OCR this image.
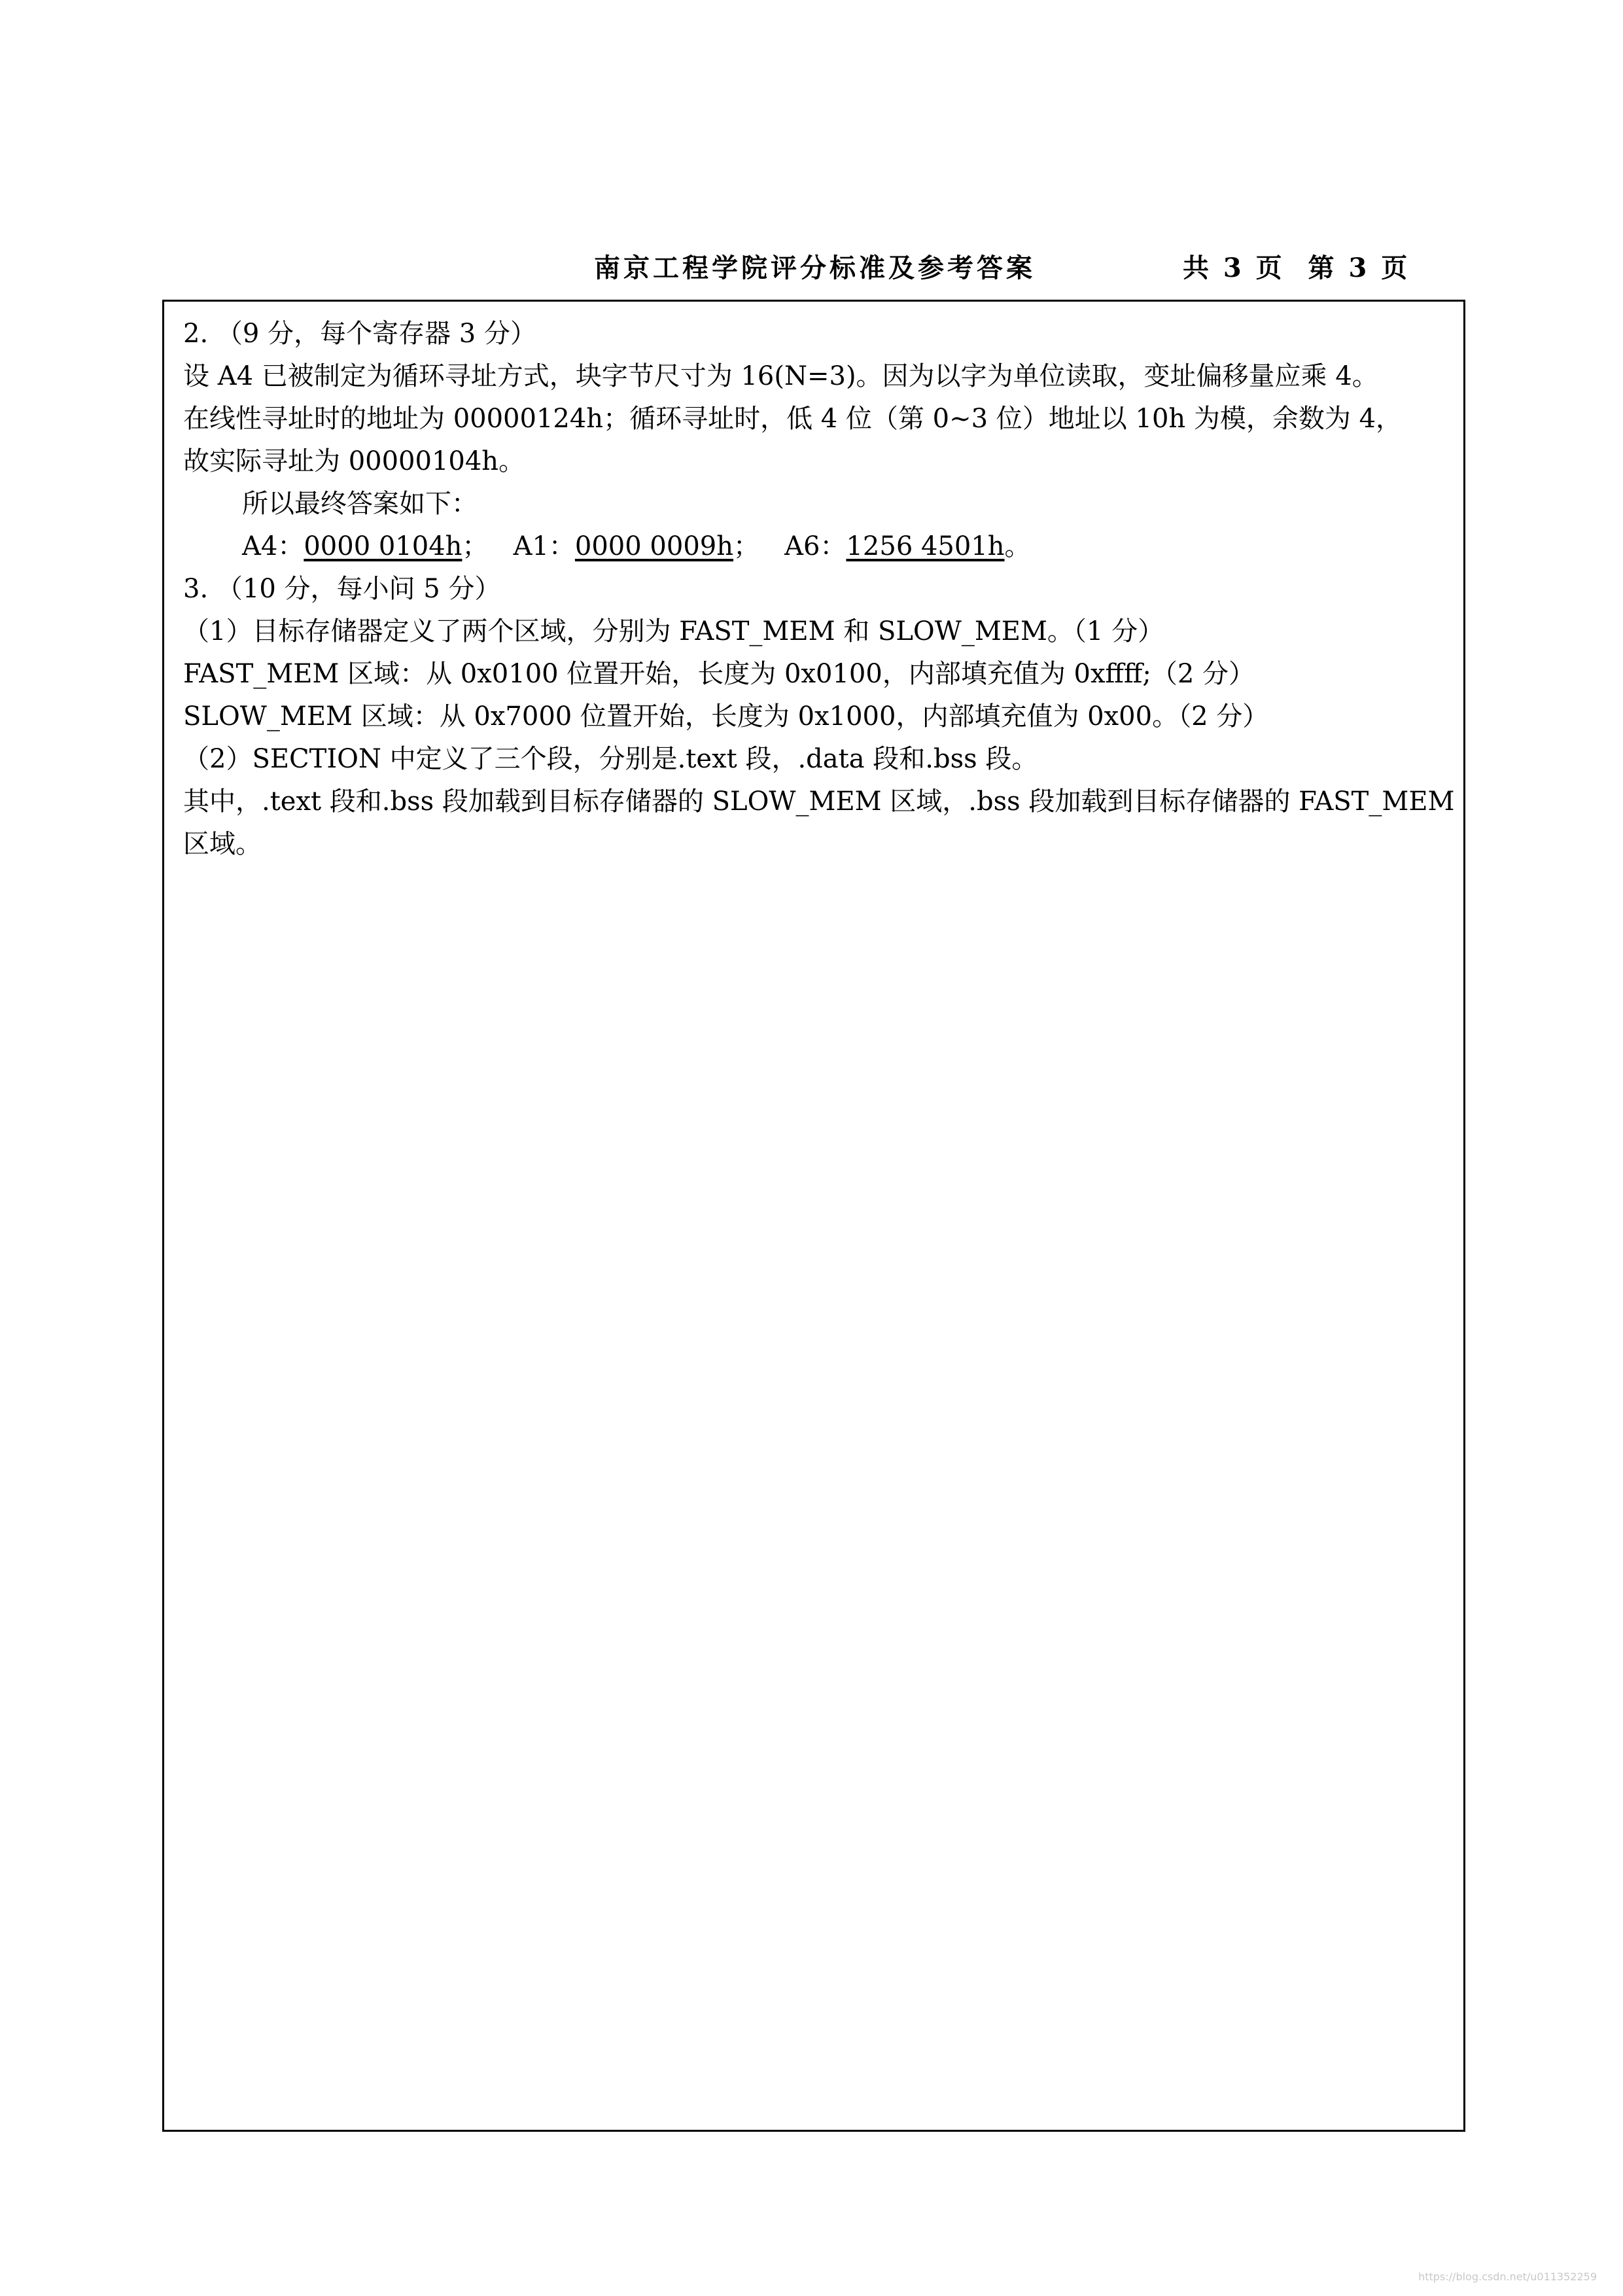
南京工程学院评分标准及参考答案	共 3 页  第 3 页
2. （9 分，每个寄存器 3 分）
设 A4 已被制定为循环寻址方式，块字节尺寸为 16(N=3)。因为以字为单位读取，变址偏移量应乘 4。
在线性寻址时的地址为 00000124h；循环寻址时，低 4 位（第 0~3 位）地址以 10h 为模，余数为 4，
故实际寻址为 00000104h。
所以最终答案如下：
A4：0000 0104h；   A1：0000 0009h；   A6：1256 4501h。
3. （10 分，每小问 5 分）
（1）目标存储器定义了两个区域，分别为 FAST_MEM 和 SLOW_MEM。（1 分）
FAST_MEM 区域：从 0x0100 位置开始，长度为 0x0100，内部填充值为 0xffff;（2 分）
SLOW_MEM 区域：从 0x7000 位置开始，长度为 0x1000，内部填充值为 0x00。（2 分）
（2）SECTION 中定义了三个段，分别是.text 段，.data 段和.bss 段。
其中，.text 段和.bss 段加载到目标存储器的 SLOW_MEM 区域，.bss 段加载到目标存储器的 FAST_MEM
区域。
https://blog.csdn.net/u011352259
